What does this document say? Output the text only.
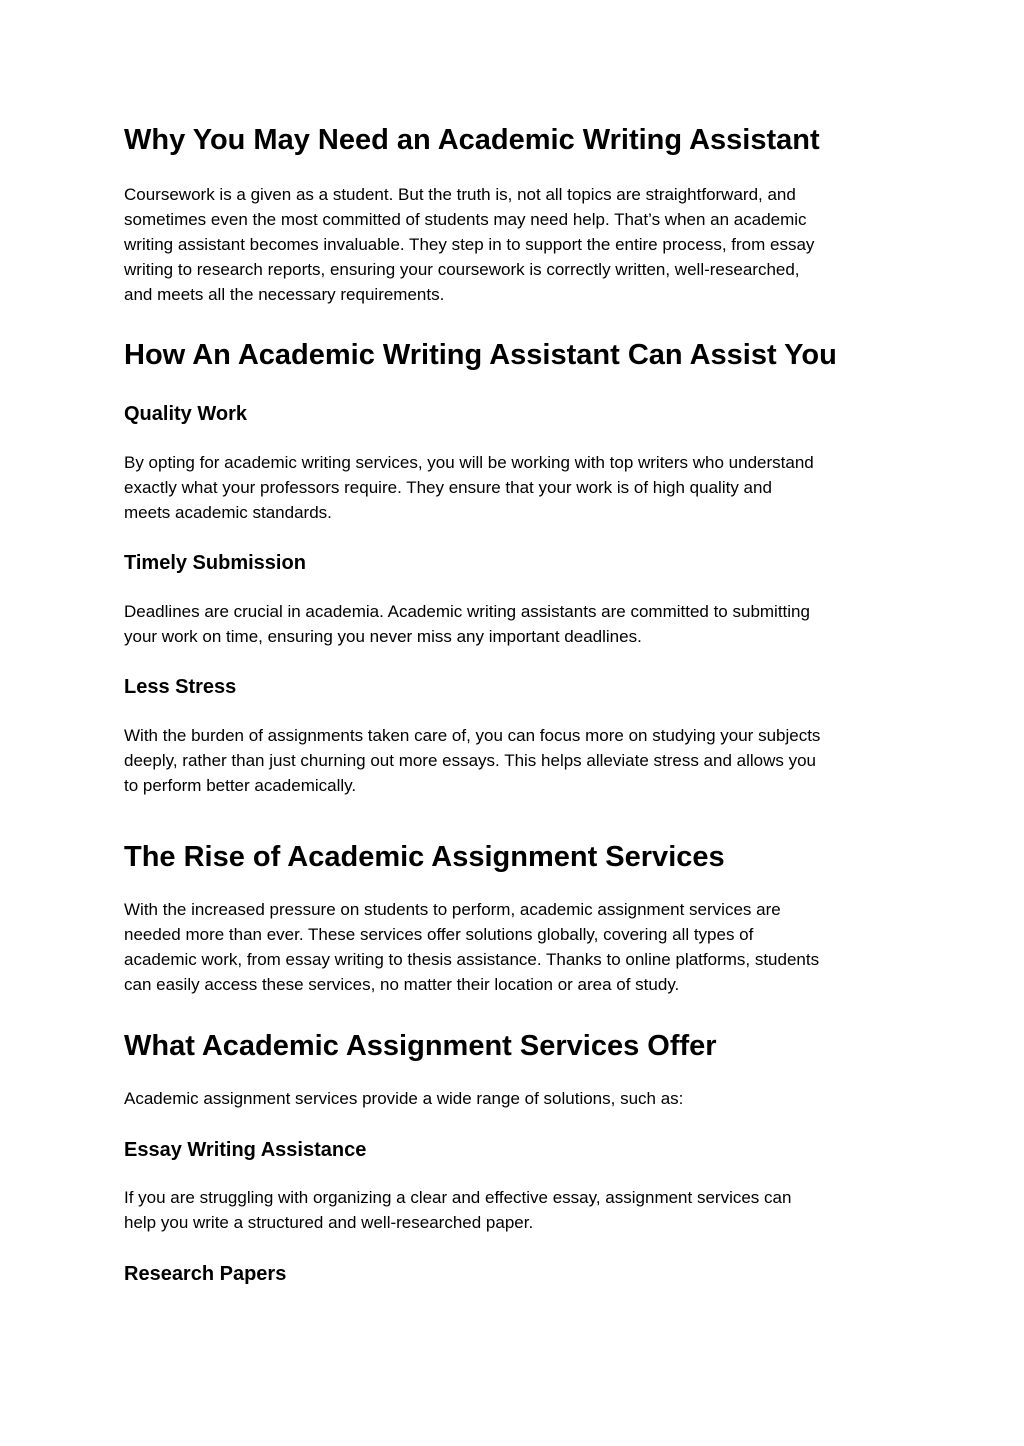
Why You May Need an Academic Writing Assistant

Coursework is a given as a student. But the truth is, not all topics are straightforward, and
sometimes even the most committed of students may need help. That’s when an academic
writing assistant becomes invaluable. They step in to support the entire process, from essay
writing to research reports, ensuring your coursework is correctly written, well-researched,
and meets all the necessary requirements.

How An Academic Writing Assistant Can Assist You
Quality Work

By opting for academic writing services, you will be working with top writers who understand
exactly what your professors require. They ensure that your work is of high quality and
meets academic standards.

Timely Submission

Deadlines are crucial in academia. Academic writing assistants are committed to submitting
your work on time, ensuring you never miss any important deadlines.

Less Stress

With the burden of assignments taken care of, you can focus more on studying your subjects
deeply, rather than just churning out more essays. This helps alleviate stress and allows you
to perform better academically.

The Rise of Academic Assignment Services

With the increased pressure on students to perform, academic assignment services are
needed more than ever. These services offer solutions globally, covering all types of
academic work, from essay writing to thesis assistance. Thanks to online platforms, students
can easily access these services, no matter their location or area of study.

What Academic Assignment Services Offer

Academic assignment services provide a wide range of solutions, such as:

Essay Writing Assistance

If you are struggling with organizing a clear and effective essay, assignment services can
help you write a structured and well-researched paper.

Research Papers
